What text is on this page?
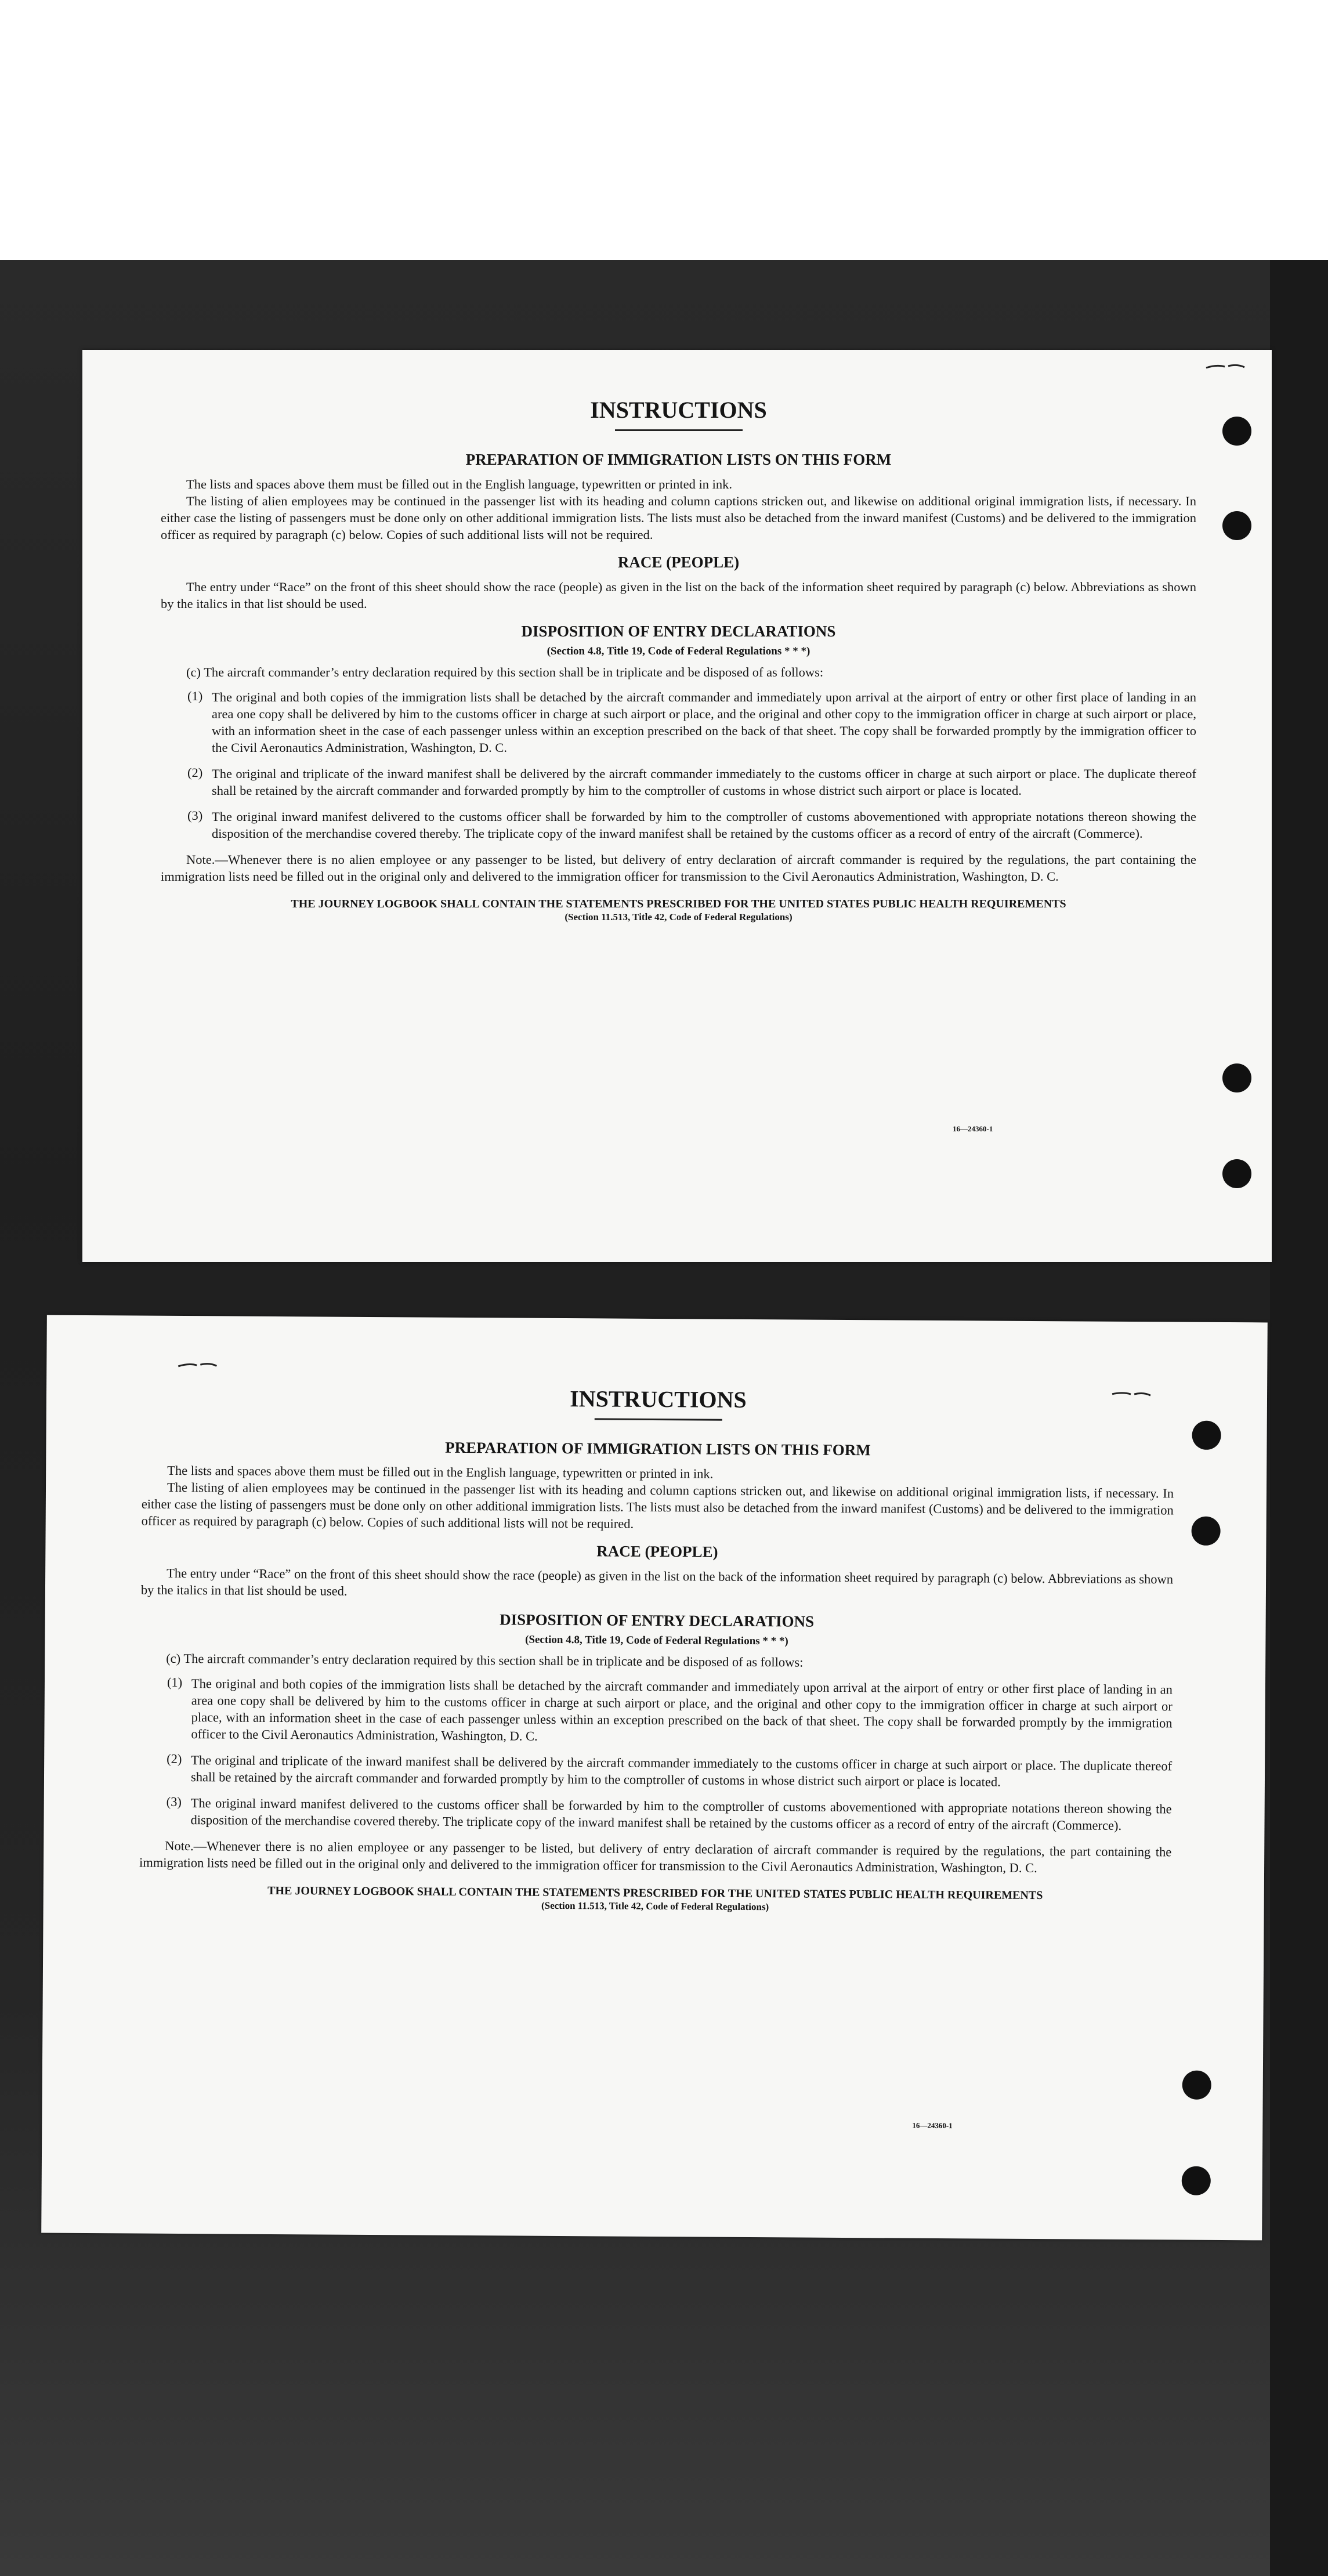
INSTRUCTIONS
PREPARATION OF IMMIGRATION LISTS ON THIS FORM

The lists and spaces above them must be filled out in the English language, typewritten or printed in ink.

The listing of alien employees may be continued in the passenger list with its heading and column captions stricken out, and likewise on additional original immigration lists, if necessary. In either case the listing of passengers must be done only on other additional immigration lists. The lists must also be detached from the inward manifest (Customs) and be delivered to the immigration officer as required by paragraph (c) below. Copies of such additional lists will not be required.

RACE (PEOPLE)

The entry under “Race” on the front of this sheet should show the race (people) as given in the list on the back of the information sheet required by paragraph (c) below. Abbreviations as shown by the italics in that list should be used.

DISPOSITION OF ENTRY DECLARATIONS
(Section 4.8, Title 19, Code of Federal Regulations * * *)

(c) The aircraft commander’s entry declaration required by this section shall be in triplicate and be disposed of as follows:

(1) The original and both copies of the immigration lists shall be detached by the aircraft commander and immediately upon arrival at the airport of entry or other first place of landing in an area one copy shall be delivered by him to the customs officer in charge at such airport or place, and the original and other copy to the immigration officer in charge at such airport or place, with an information sheet in the case of each passenger unless within an exception prescribed on the back of that sheet. The copy shall be forwarded promptly by the immigration officer to the Civil Aeronautics Administration, Washington, D. C.

(2) The original and triplicate of the inward manifest shall be delivered by the aircraft commander immediately to the customs officer in charge at such airport or place. The duplicate thereof shall be retained by the aircraft commander and forwarded promptly by him to the comptroller of customs in whose district such airport or place is located.

(3) The original inward manifest delivered to the customs officer shall be forwarded by him to the comptroller of customs abovementioned with appropriate notations thereon showing the disposition of the merchandise covered thereby. The triplicate copy of the inward manifest shall be retained by the customs officer as a record of entry of the aircraft (Commerce).

Note.—Whenever there is no alien employee or any passenger to be listed, but delivery of entry declaration of aircraft commander is required by the regulations, the part containing the immigration lists need be filled out in the original only and delivered to the immigration officer for transmission to the Civil Aeronautics Administration, Washington, D. C.

THE JOURNEY LOGBOOK SHALL CONTAIN THE STATEMENTS PRESCRIBED FOR THE UNITED STATES PUBLIC HEALTH REQUIREMENTS
(Section 11.513, Title 42, Code of Federal Regulations)
16—24360-1
INSTRUCTIONS
PREPARATION OF IMMIGRATION LISTS ON THIS FORM

The lists and spaces above them must be filled out in the English language, typewritten or printed in ink.

The listing of alien employees may be continued in the passenger list with its heading and column captions stricken out, and likewise on additional original immigration lists, if necessary. In either case the listing of passengers must be done only on other additional immigration lists. The lists must also be detached from the inward manifest (Customs) and be delivered to the immigration officer as required by paragraph (c) below. Copies of such additional lists will not be required.

RACE (PEOPLE)

The entry under “Race” on the front of this sheet should show the race (people) as given in the list on the back of the information sheet required by paragraph (c) below. Abbreviations as shown by the italics in that list should be used.

DISPOSITION OF ENTRY DECLARATIONS
(Section 4.8, Title 19, Code of Federal Regulations * * *)

(c) The aircraft commander’s entry declaration required by this section shall be in triplicate and be disposed of as follows:

(1) The original and both copies of the immigration lists shall be detached by the aircraft commander and immediately upon arrival at the airport of entry or other first place of landing in an area one copy shall be delivered by him to the customs officer in charge at such airport or place, and the original and other copy to the immigration officer in charge at such airport or place, with an information sheet in the case of each passenger unless within an exception prescribed on the back of that sheet. The copy shall be forwarded promptly by the immigration officer to the Civil Aeronautics Administration, Washington, D. C.

(2) The original and triplicate of the inward manifest shall be delivered by the aircraft commander immediately to the customs officer in charge at such airport or place. The duplicate thereof shall be retained by the aircraft commander and forwarded promptly by him to the comptroller of customs in whose district such airport or place is located.

(3) The original inward manifest delivered to the customs officer shall be forwarded by him to the comptroller of customs abovementioned with appropriate notations thereon showing the disposition of the merchandise covered thereby. The triplicate copy of the inward manifest shall be retained by the customs officer as a record of entry of the aircraft (Commerce).

Note.—Whenever there is no alien employee or any passenger to be listed, but delivery of entry declaration of aircraft commander is required by the regulations, the part containing the immigration lists need be filled out in the original only and delivered to the immigration officer for transmission to the Civil Aeronautics Administration, Washington, D. C.

THE JOURNEY LOGBOOK SHALL CONTAIN THE STATEMENTS PRESCRIBED FOR THE UNITED STATES PUBLIC HEALTH REQUIREMENTS
(Section 11.513, Title 42, Code of Federal Regulations)
16—24360-1
